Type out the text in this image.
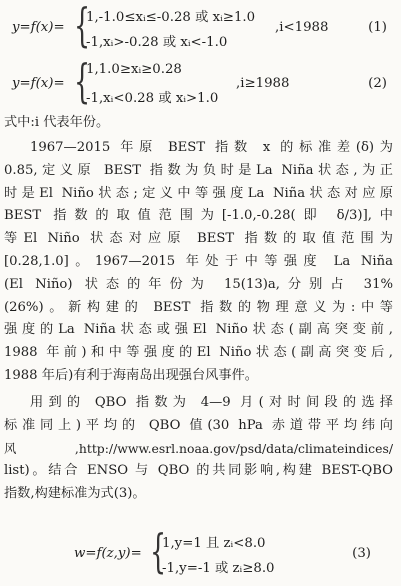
y=f(x)= {
1,-1.0≤xᵢ≤-0.28 或 xᵢ≥1.0
-1,xᵢ>-0.28 或 xᵢ<-1.0
,i<1988	(1)
y=f(x)= {
1,1.0≥xᵢ≥0.28
-1,xᵢ<0.28 或 xᵢ>1.0
,i≥1988	(2)
式中:i 代表年份。
1967—2015 年原 BEST 指数 x 的标准差(δ)为
0.85,定义原 BEST 指数为负时是La Niña状态,为正
时是El Niño状态;定义中等强度La Niña状态对应原
BEST 指数的取值范围为[-1.0,-0.28(即 δ/3)],中
等El Niño 状态对应原 BEST 指数的取值范围为
[0.28,1.0]。1967—2015 年处于中等强度 La Niña
(El Niño) 状态的年份为 15(13)a,分别占 31%
(26%)。新构建的 BEST 指数的物理意义为:中等
强度的La Niña状态或强El Niño状态(副高突变前,
1988 年前)和中等强度的El Niño状态(副高突变后,
1988 年后)有利于海南岛出现强台风事件。
用到的 QBO 指数为 4—9 月(对时间段的选择
标准同上)平均的 QBO 值(30 hPa 赤道带平均纬向
风,http://www.esrl.noaa.gov/psd/data/climateindices/
list)。结合 ENSO 与 QBO 的共同影响,构建 BEST-QBO
指数,构建标准为式(3)。
w=f(z,y)= {
1,y=1 且 zᵢ<8.0
-1,y=-1 或 zᵢ≥8.0
(3)
